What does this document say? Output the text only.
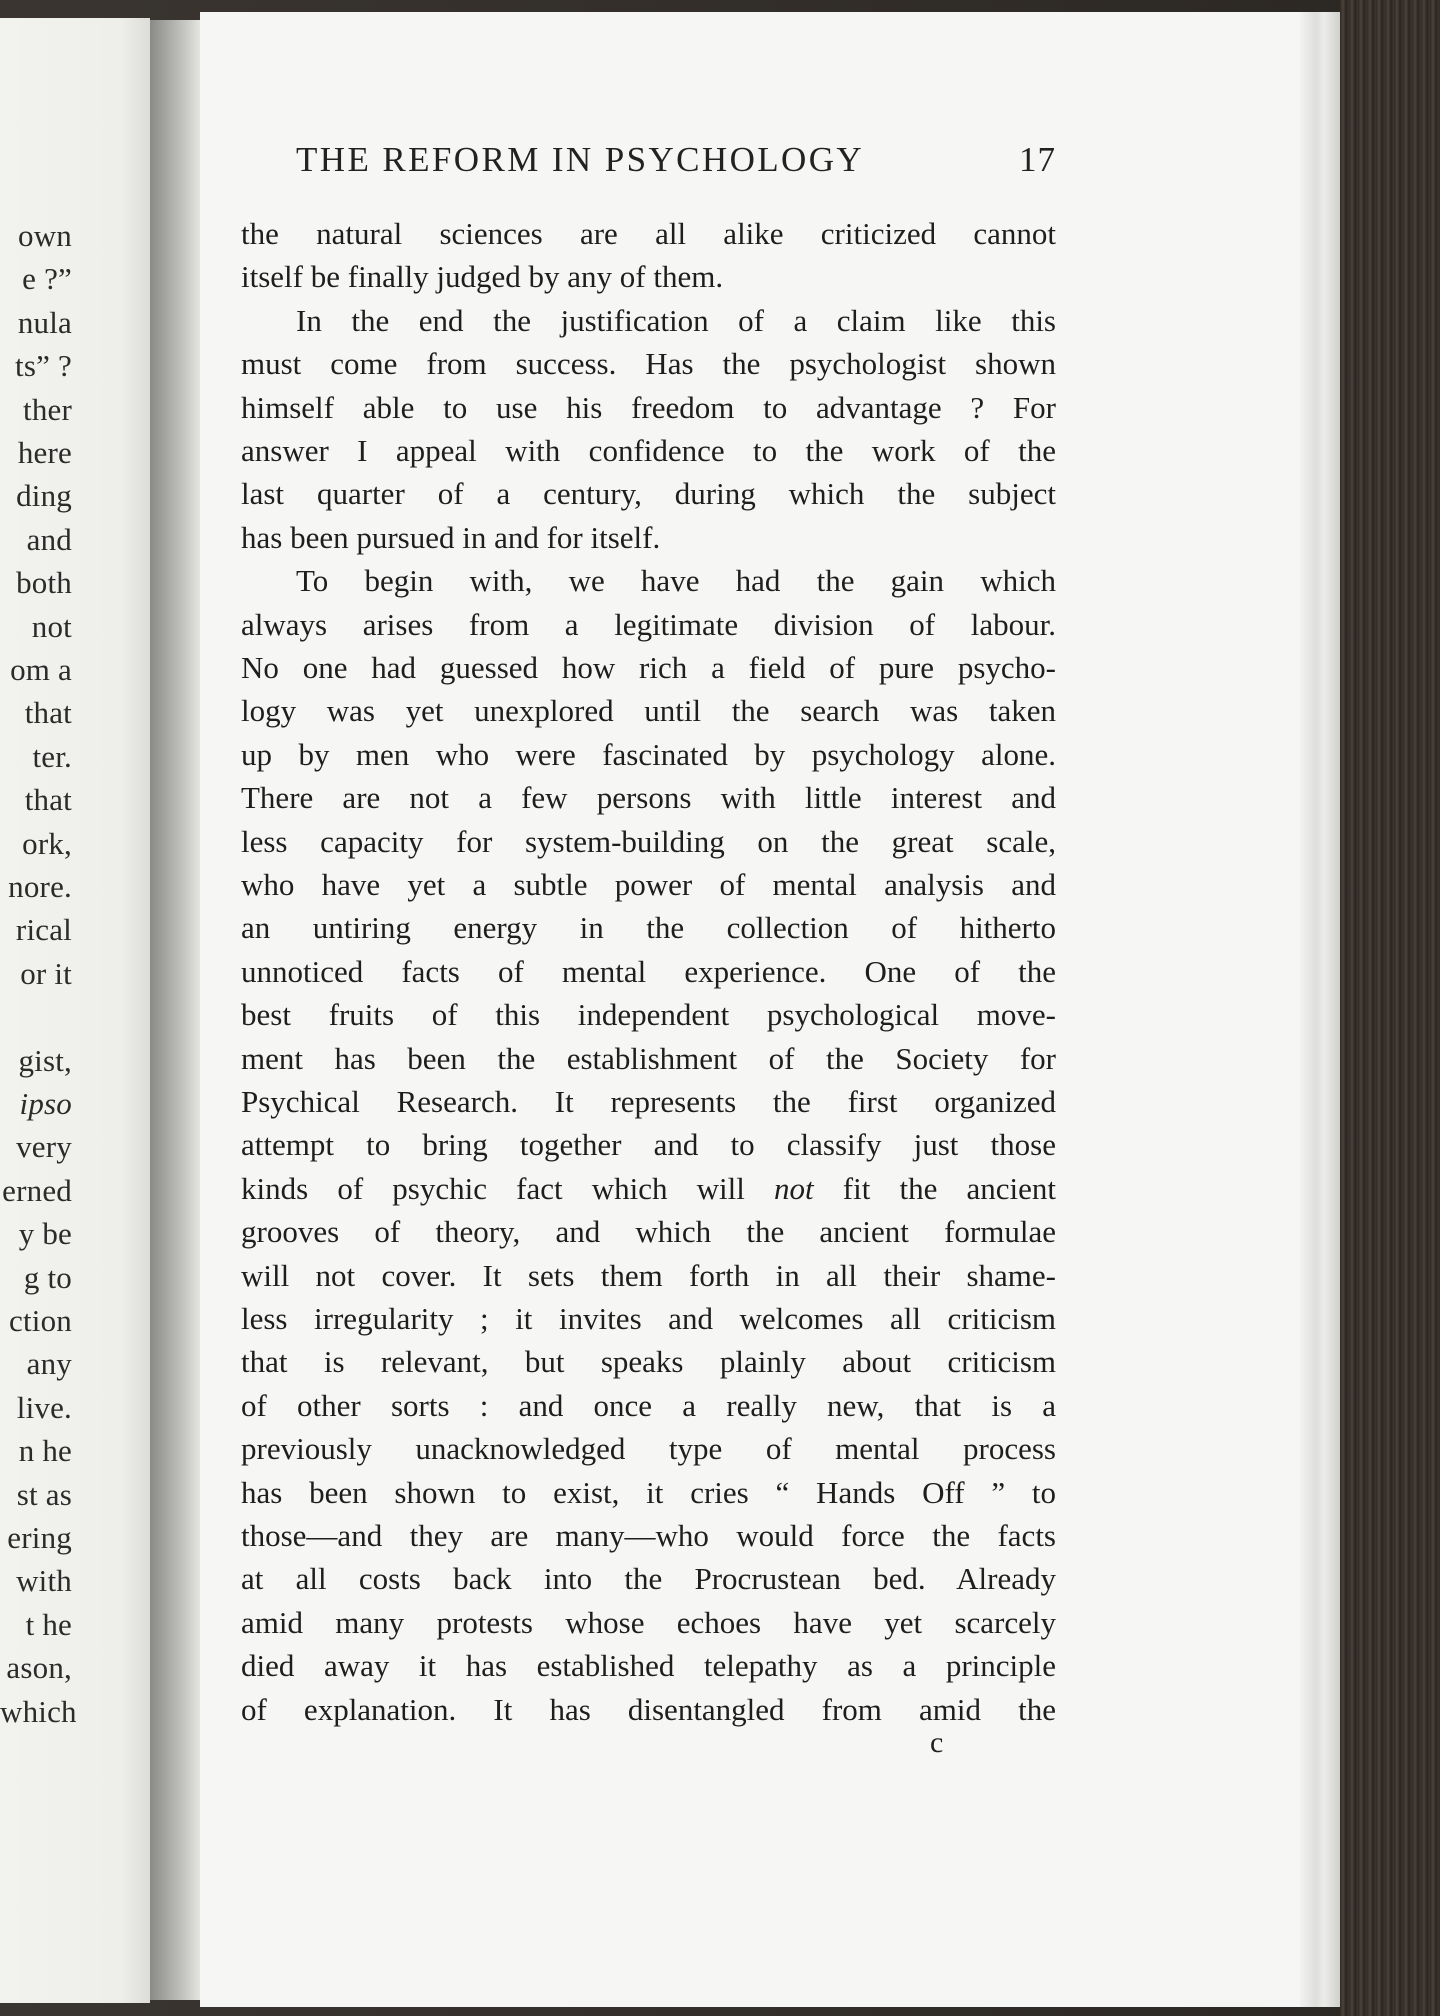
own
e ?”
nula
ts” ?
ther
here
ding
and
both
not
om a
that
ter.
that
ork,
nore.
rical
or it
gist,
ipso
very
erned
y be
g to
ction
any
live.
n he
st as
ering
with
t he
ason,
which
THE REFORM IN PSYCHOLOGY	17
the natural sciences are all alike criticized cannot
itself be finally judged by any of them.
In the end the justification of a claim like this
must come from success. Has the psychologist shown
himself able to use his freedom to advantage ? For
answer I appeal with confidence to the work of the
last quarter of a century, during which the subject
has been pursued in and for itself.
To begin with, we have had the gain which
always arises from a legitimate division of labour.
No one had guessed how rich a field of pure psycho-
logy was yet unexplored until the search was taken
up by men who were fascinated by psychology alone.
There are not a few persons with little interest and
less capacity for system-building on the great scale,
who have yet a subtle power of mental analysis and
an untiring energy in the collection of hitherto
unnoticed facts of mental experience. One of the
best fruits of this independent psychological move-
ment has been the establishment of the Society for
Psychical Research. It represents the first organized
attempt to bring together and to classify just those
kinds of psychic fact which will not fit the ancient
grooves of theory, and which the ancient formulae
will not cover. It sets them forth in all their shame-
less irregularity ; it invites and welcomes all criticism
that is relevant, but speaks plainly about criticism
of other sorts : and once a really new, that is a
previously unacknowledged type of mental process
has been shown to exist, it cries “ Hands Off ” to
those—and they are many—who would force the facts
at all costs back into the Procrustean bed. Already
amid many protests whose echoes have yet scarcely
died away it has established telepathy as a principle
of explanation. It has disentangled from amid the
c
